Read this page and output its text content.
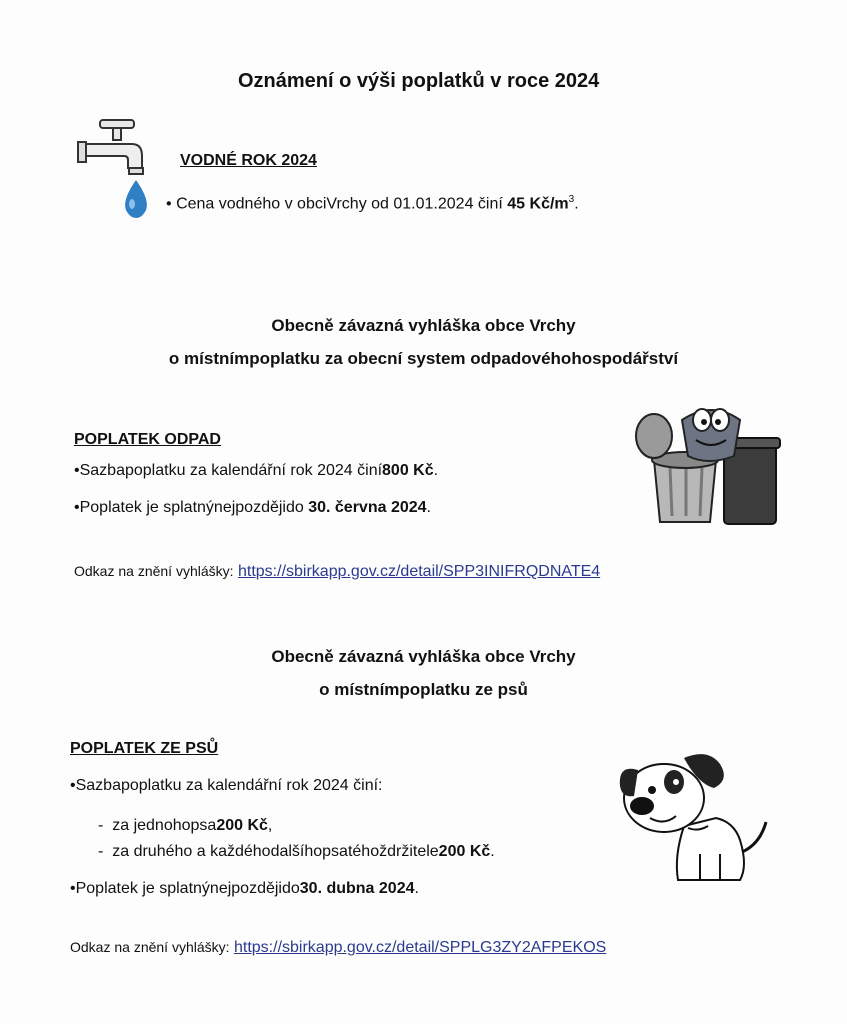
Oznámení o výši poplatků v roce 2024
VODNÉ ROK 2024
• Cena vodného v obciVrchy od 01.01.2024 činí 45 $Kč/m^3$.
Obecně závazná vyhláška obce Vrchy
o místnímpoplatku za obecní system odpadovéhohospodářství
POPLATEK ODPAD
•Sazbapoplatku za kalendářní rok 2024 činí800 Kč.
•Poplatek je splatnýnejpozdějido 30. června 2024.
Odkaz na znění vyhlášky: https://sbirkapp.gov.cz/detail/SPP3INIFRQDNATE4
Obecně závazná vyhláška obce Vrchy
o místnímpoplatku ze psů
POPLATEK ZE PSŮ
•Sazbapoplatku za kalendářní rok 2024 činí:
- za jednohopsa200 Kč,
- za druhého a každéhodalšíhopsatéhoždržitele200 Kč.
•Poplatek je splatnýnejpozdějido30. dubna 2024.
Odkaz na znění vyhlášky: https://sbirkapp.gov.cz/detail/SPPLG3ZY2AFPEKOS
